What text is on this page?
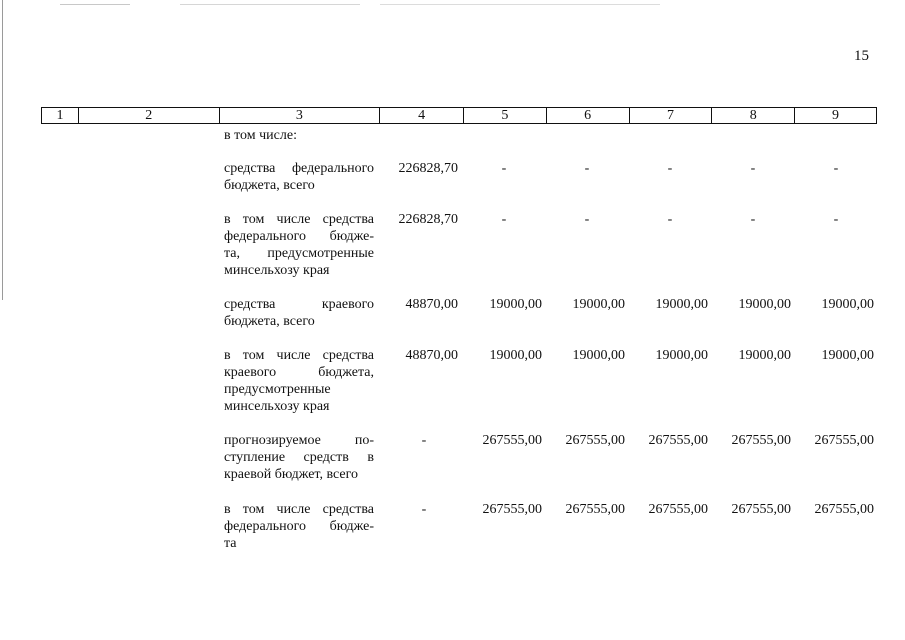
15
1	2	3	4	5	6	7	8	9
в том числе:
средства федерального
бюджета, всего
226828,70	-	-	-	-	-
в том числе средства
федерального бюдже-
та, предусмотренные
минсельхозу края
226828,70	-	-	-	-	-
средства краевого
бюджета, всего
48870,00	19000,00	19000,00	19000,00	19000,00	19000,00
в том числе средства
краевого бюджета,
предусмотренные
минсельхозу края
48870,00	19000,00	19000,00	19000,00	19000,00	19000,00
прогнозируемое по-
ступление средств в
краевой бюджет, всего
-	267555,00	267555,00	267555,00	267555,00	267555,00
в том числе средства
федерального бюдже-
та
-	267555,00	267555,00	267555,00	267555,00	267555,00
